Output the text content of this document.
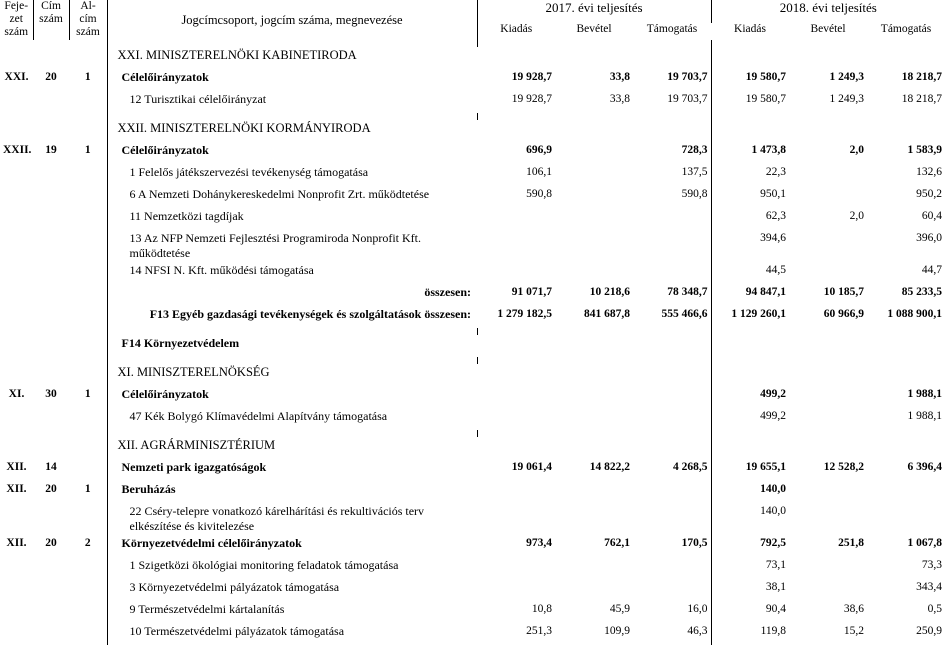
Feje-
zet
szám

Cím
szám

Al-
cím
szám
	Jogcímcsoport, jogcím száma, megnevezése	2017. évi teljesítés	2018. évi teljesítés
				Kiadás	Bevétel	Támogatás	Kiadás	Bevétel	Támogatás

			XXI. MINISZTERELNÖKI KABINETIRODA						
XXI.	20	1	Célelőirányzatok	19 928,7	33,8	19 703,7	19 580,7	1 249,3	18 218,7
			12 Turisztikai célelőirányzat	19 928,7	33,8	19 703,7	19 580,7	1 249,3	18 218,7

			XXII. MINISZTERELNÖKI KORMÁNYIRODA						
XXII.	19	1	Célelőirányzatok	696,9		728,3	1 473,8	2,0	1 583,9
			1 Felelős játékszervezési tevékenység támogatása	106,1		137,5	22,3		132,6
			6 A Nemzeti Dohánykereskedelmi Nonprofit Zrt. működtetése	590,8		590,8	950,1		950,2
			11 Nemzetközi tagdíjak				62,3	2,0	60,4
			13 Az NFP Nemzeti Fejlesztési Programiroda Nonprofit Kft. működtetése				394,6		396,0
			14 NFSI N. Kft. működési támogatása				44,5		44,7
			összesen:	91 071,7	10 218,6	78 348,7	94 847,1	10 185,7	85 233,5
			F13 Egyéb gazdasági tevékenységek és szolgáltatások összesen:	1 279 182,5	841 687,8	555 466,6	1 129 260,1	60 966,9	1 088 900,1

			F14 Környezetvédelem						

			XI. MINISZTERELNÖKSÉG						
XI.	30	1	Célelőirányzatok				499,2		1 988,1
			47 Kék Bolygó Klímavédelmi Alapítvány támogatása				499,2		1 988,1

			XII. AGRÁRMINISZTÉRIUM						
XII.	14		Nemzeti park igazgatóságok	19 061,4	14 822,2	4 268,5	19 655,1	12 528,2	6 396,4
XII.	20	1	Beruházás				140,0		
			22 Cséry-telepre vonatkozó kárelhárítási és rekultivációs terv elkészítése és kivitelezése				140,0		
XII.	20	2	Környezetvédelmi célelőirányzatok	973,4	762,1	170,5	792,5	251,8	1 067,8
			1 Szigetközi ökológiai monitoring feladatok támogatása				73,1		73,3
			3 Környezetvédelmi pályázatok támogatása				38,1		343,4
			9 Természetvédelmi kártalanítás	10,8	45,9	16,0	90,4	38,6	0,5
			10 Természetvédelmi pályázatok támogatása	251,3	109,9	46,3	119,8	15,2	250,9
